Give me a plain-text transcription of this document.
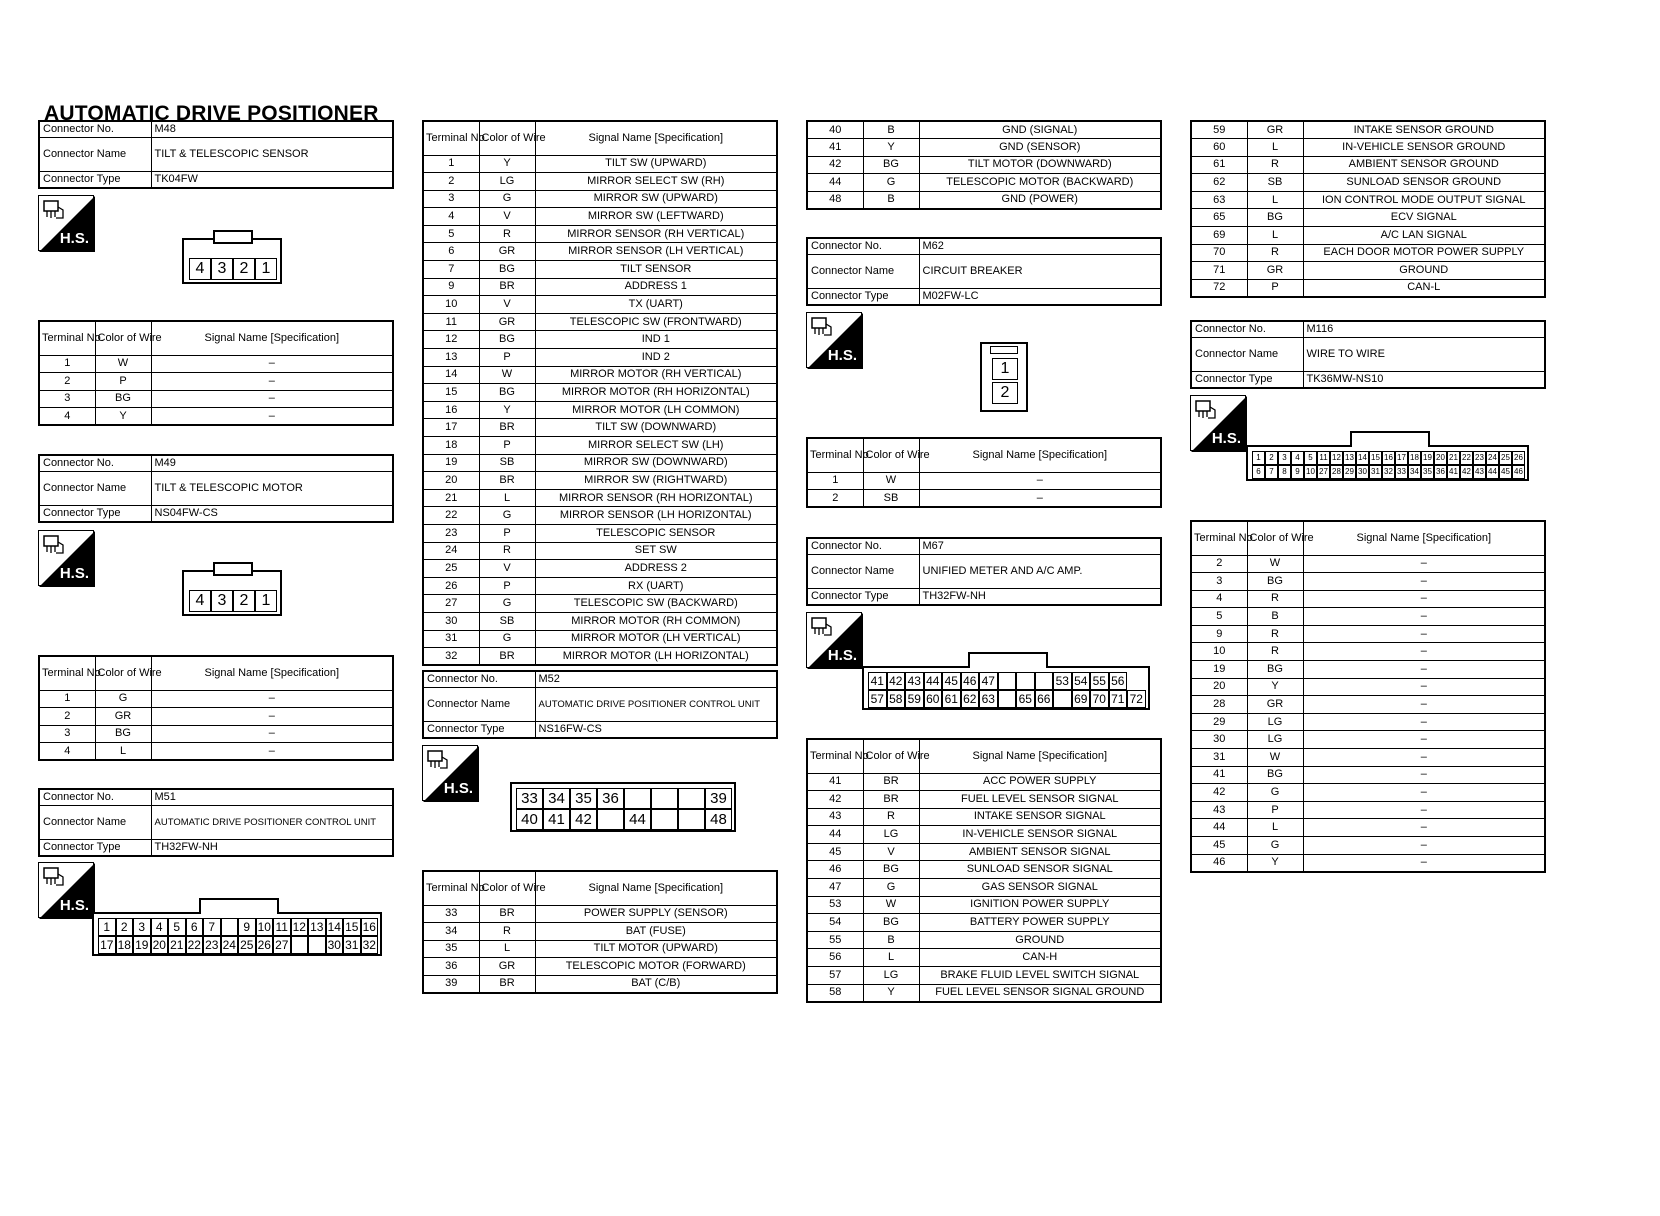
AUTOMATIC DRIVE POSITIONER
Connector No.	M48
Connector Name	TILT & TELESCOPIC SENSOR
Connector Type	TK04FW
H.S.
4 3 2 1
Terminal No.	Color of Wire	Signal Name [Specification]
1	W	–
2	P	–
3	BG	–
4	Y	–
Connector No.	M49
Connector Name	TILT & TELESCOPIC MOTOR
Connector Type	NS04FW-CS
H.S.
4 3 2 1
Terminal No.	Color of Wire	Signal Name [Specification]
1	G	–
2	GR	–
3	BG	–
4	L	–
Connector No.	M51
Connector Name	AUTOMATIC DRIVE POSITIONER CONTROL UNIT
Connector Type	TH32FW-NH
H.S.
1 2 3 4 5 6 7	9 10 11 12 13 14 15 16
17 18 19 20 21 22 23 24 25 26 27	30 31 32
Terminal No.	Color of Wire	Signal Name [Specification]
1	Y	TILT SW (UPWARD)
2	LG	MIRROR SELECT SW (RH)
3	G	MIRROR SW (UPWARD)
4	V	MIRROR SW (LEFTWARD)
5	R	MIRROR SENSOR (RH VERTICAL)
6	GR	MIRROR SENSOR (LH VERTICAL)
7	BG	TILT SENSOR
9	BR	ADDRESS 1
10	V	TX (UART)
11	GR	TELESCOPIC SW (FRONTWARD)
12	BG	IND 1
13	P	IND 2
14	W	MIRROR MOTOR (RH VERTICAL)
15	BG	MIRROR MOTOR (RH HORIZONTAL)
16	Y	MIRROR MOTOR (LH COMMON)
17	BR	TILT SW (DOWNWARD)
18	P	MIRROR SELECT SW (LH)
19	SB	MIRROR SW (DOWNWARD)
20	BR	MIRROR SW (RIGHTWARD)
21	L	MIRROR SENSOR (RH HORIZONTAL)
22	G	MIRROR SENSOR (LH HORIZONTAL)
23	P	TELESCOPIC SENSOR
24	R	SET SW
25	V	ADDRESS 2
26	P	RX (UART)
27	G	TELESCOPIC SW (BACKWARD)
30	SB	MIRROR MOTOR (RH COMMON)
31	G	MIRROR MOTOR (LH VERTICAL)
32	BR	MIRROR MOTOR (LH HORIZONTAL)
Connector No.	M52
Connector Name	AUTOMATIC DRIVE POSITIONER CONTROL UNIT
Connector Type	NS16FW-CS
H.S.
33 34 35 36	39
40 41 42	44	48
Terminal No.	Color of Wire	Signal Name [Specification]
33	BR	POWER SUPPLY (SENSOR)
34	R	BAT (FUSE)
35	L	TILT MOTOR (UPWARD)
36	GR	TELESCOPIC MOTOR (FORWARD)
39	BR	BAT (C/B)
40	B	GND (SIGNAL)
41	Y	GND (SENSOR)
42	BG	TILT MOTOR (DOWNWARD)
44	G	TELESCOPIC MOTOR (BACKWARD)
48	B	GND (POWER)
Connector No.	M62
Connector Name	CIRCUIT BREAKER
Connector Type	M02FW-LC
H.S.
1
2
Terminal No.	Color of Wire	Signal Name [Specification]
1	W	–
2	SB	–
Connector No.	M67
Connector Name	UNIFIED METER AND A/C AMP.
Connector Type	TH32FW-NH
H.S.
41 42 43 44 45 46 47	53 54 55 56
57 58 59 60 61 62 63 65 66 69 70 71 72
Terminal No.	Color of Wire	Signal Name [Specification]
41	BR	ACC POWER SUPPLY
42	BR	FUEL LEVEL SENSOR SIGNAL
43	R	INTAKE SENSOR SIGNAL
44	LG	IN-VEHICLE SENSOR SIGNAL
45	V	AMBIENT SENSOR SIGNAL
46	BG	SUNLOAD SENSOR SIGNAL
47	G	GAS SENSOR SIGNAL
53	W	IGNITION POWER SUPPLY
54	BG	BATTERY POWER SUPPLY
55	B	GROUND
56	L	CAN-H
57	LG	BRAKE FLUID LEVEL SWITCH SIGNAL
58	Y	FUEL LEVEL SENSOR SIGNAL GROUND
59	GR	INTAKE SENSOR GROUND
60	L	IN-VEHICLE SENSOR GROUND
61	R	AMBIENT SENSOR GROUND
62	SB	SUNLOAD SENSOR GROUND
63	L	ION CONTROL MODE OUTPUT SIGNAL
65	BG	ECV SIGNAL
69	L	A/C LAN SIGNAL
70	R	EACH DOOR MOTOR POWER SUPPLY
71	GR	GROUND
72	P	CAN-L
Connector No.	M116
Connector Name	WIRE TO WIRE
Connector Type	TK36MW-NS10
H.S.
1	2	3	4	5 11 12 13 14 15 16 17 18 19 20 21 22 23 24 25 26
6	7	8	9 10 27 28 29 30 31 32 33 34 35 36 41 42 43 44 45 46
Terminal No.	Color of Wire	Signal Name [Specification]
2	W	–
3	BG	–
4	R	–
5	B	–
9	R	–
10	R	–
19	BG	–
20	Y	–
28	GR	–
29	LG	–
30	LG	–
31	W	–
41	BG	–
42	G	–
43	P	–
44	L	–
45	G	–
46	Y	–
